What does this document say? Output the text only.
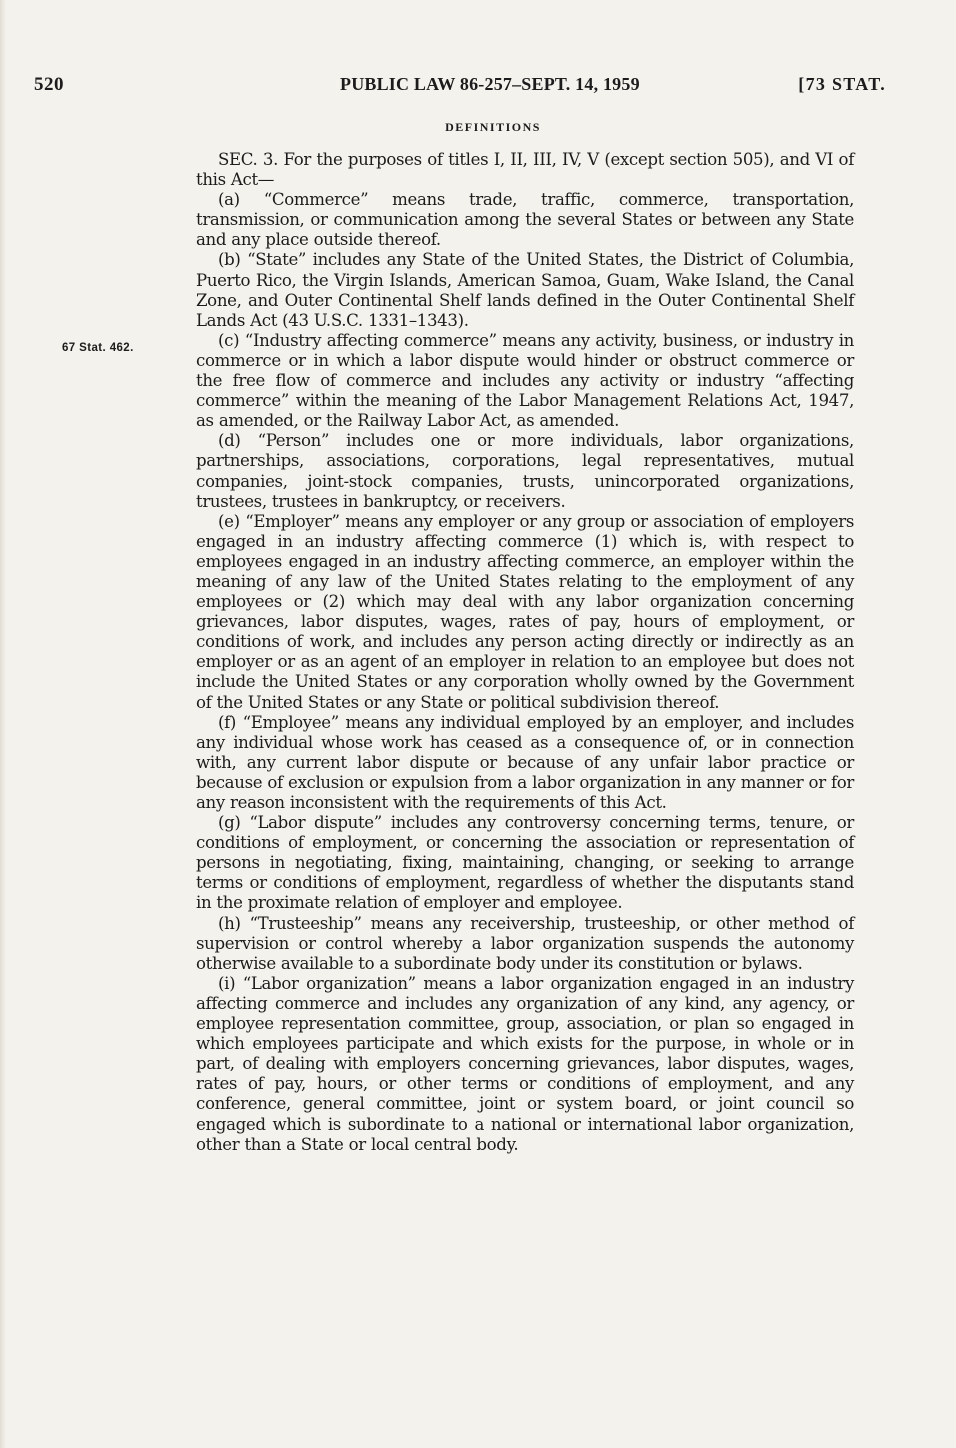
520	PUBLIC LAW 86-257–SEPT. 14, 1959	[73 STAT.
DEFINITIONS
67 Stat. 462.

SEC. 3. For the purposes of titles I, II, III, IV, V (except section 505), and VI of this Act—

(a) “Commerce” means trade, traffic, commerce, transportation, transmission, or communication among the several States or between any State and any place outside thereof.

(b) “State” includes any State of the United States, the District of Columbia, Puerto Rico, the Virgin Islands, American Samoa, Guam, Wake Island, the Canal Zone, and Outer Continental Shelf lands defined in the Outer Continental Shelf Lands Act (43 U.S.C. 1331–1343).

(c) “Industry affecting commerce” means any activity, business, or industry in commerce or in which a labor dispute would hinder or obstruct commerce or the free flow of commerce and includes any activity or industry “affecting commerce” within the meaning of the Labor Management Relations Act, 1947, as amended, or the Railway Labor Act, as amended.

(d) “Person” includes one or more individuals, labor organizations, partnerships, associations, corporations, legal representatives, mutual companies, joint-stock companies, trusts, unincorporated organizations, trustees, trustees in bankruptcy, or receivers.

(e) “Employer” means any employer or any group or association of employers engaged in an industry affecting commerce (1) which is, with respect to employees engaged in an industry affecting commerce, an employer within the meaning of any law of the United States relating to the employment of any employees or (2) which may deal with any labor organization concerning grievances, labor disputes, wages, rates of pay, hours of employment, or conditions of work, and includes any person acting directly or indirectly as an employer or as an agent of an employer in relation to an employee but does not include the United States or any corporation wholly owned by the Government of the United States or any State or political subdivision thereof.

(f) “Employee” means any individual employed by an employer, and includes any individual whose work has ceased as a consequence of, or in connection with, any current labor dispute or because of any unfair labor practice or because of exclusion or expulsion from a labor organization in any manner or for any reason inconsistent with the requirements of this Act.

(g) “Labor dispute” includes any controversy concerning terms, tenure, or conditions of employment, or concerning the association or representation of persons in negotiating, fixing, maintaining, changing, or seeking to arrange terms or conditions of employment, regardless of whether the disputants stand in the proximate relation of employer and employee.

(h) “Trusteeship” means any receivership, trusteeship, or other method of supervision or control whereby a labor organization suspends the autonomy otherwise available to a subordinate body under its constitution or bylaws.

(i) “Labor organization” means a labor organization engaged in an industry affecting commerce and includes any organization of any kind, any agency, or employee representation committee, group, association, or plan so engaged in which employees participate and which exists for the purpose, in whole or in part, of dealing with employers concerning grievances, labor disputes, wages, rates of pay, hours, or other terms or conditions of employment, and any conference, general committee, joint or system board, or joint council so engaged which is subordinate to a national or international labor organization, other than a State or local central body.
